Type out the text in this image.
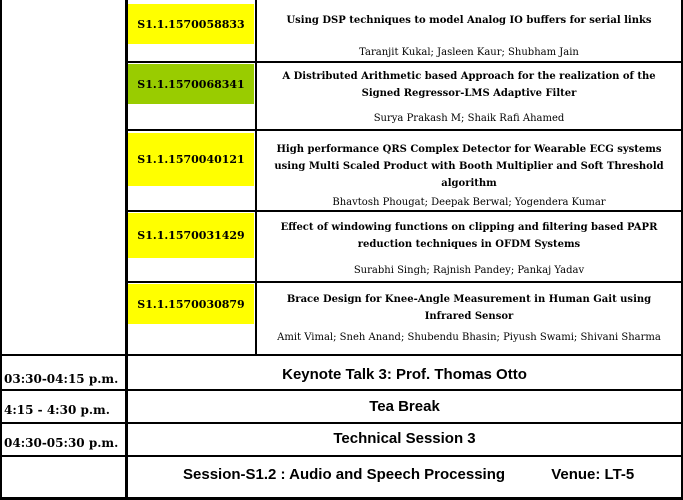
S1.1.1570058833
S1.1.1570068341
S1.1.1570040121
S1.1.1570031429
S1.1.1570030879
Using DSP techniques to model Analog IO buffers for serial links
A Distributed Arithmetic based Approach for the realization of the Signed Regressor-LMS Adaptive Filter
High performance QRS Complex Detector for Wearable ECG systems using Multi Scaled Product with Booth Multiplier and Soft Threshold algorithm
Effect of windowing functions on clipping and filtering based PAPR reduction techniques in OFDM Systems
Brace Design for Knee-Angle Measurement in Human Gait using Infrared Sensor
Taranjit Kukal; Jasleen Kaur; Shubham Jain
Surya Prakash M; Shaik Rafi Ahamed
Bhavtosh Phougat; Deepak Berwal; Yogendera Kumar
Surabhi Singh; Rajnish Pandey; Pankaj Yadav
Amit Vimal; Sneh Anand; Shubendu Bhasin; Piyush Swami; Shivani Sharma
03:30-04:15 p.m.
4:15 - 4:30 p.m.
04:30-05:30 p.m.
Keynote Talk 3: Prof. Thomas Otto
Tea Break
Technical Session 3
Session-S1.2 : Audio and Speech Processing	Venue: LT-5
